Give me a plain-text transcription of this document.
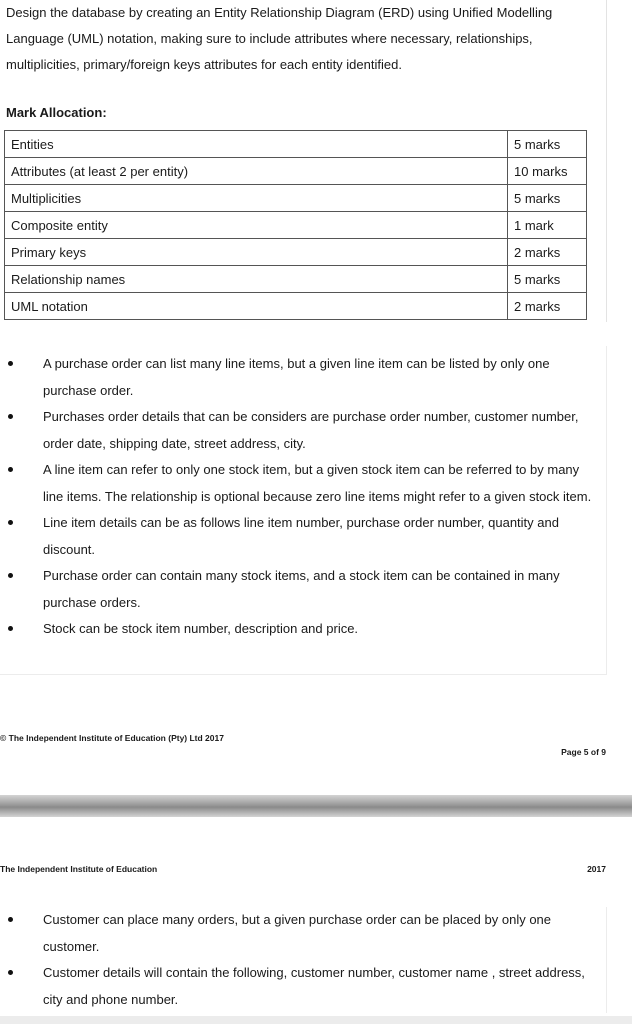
Design the database by creating an Entity Relationship Diagram (ERD) using Unified Modelling Language (UML) notation, making sure to include attributes where necessary, relationships, multiplicities, primary/foreign keys attributes for each entity identified.

Mark Allocation:
Entities	5 marks
Attributes (at least 2 per entity)	10 marks
Multiplicities	5 marks
Composite entity	1 mark
Primary keys	2 marks
Relationship names	5 marks
UML notation	2 marks
A purchase order can list many line items, but a given line item can be listed by only one purchase order.
Purchases order details that can be considers are purchase order number, customer number, order date, shipping date, street address, city.
A line item can refer to only one stock item, but a given stock item can be referred to by many line items. The relationship is optional because zero line items might refer to a given stock item.
Line item details can be as follows line item number, purchase order number, quantity and discount.
Purchase order can contain many stock items, and a stock item can be contained in many purchase orders.
Stock can be stock item number, description and price.
© The Independent Institute of Education (Pty) Ltd 2017
Page 5 of 9
The Independent Institute of Education	2017
Customer can place many orders, but a given purchase order can be placed by only one customer.
Customer details will contain the following, customer number, customer name , street address, city and phone number.
